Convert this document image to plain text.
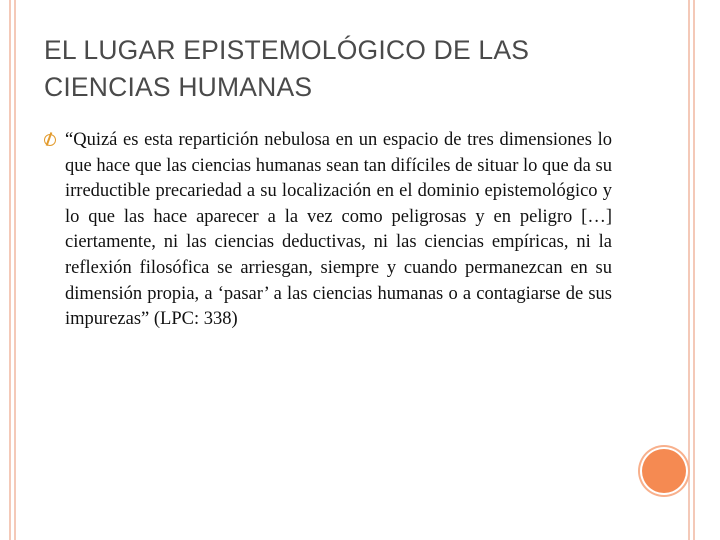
EL LUGAR EPISTEMOLÓGICO DE LAS CIENCIAS HUMANAS

“Quizá es esta repartición nebulosa en un espacio de tres dimensiones lo que hace que las ciencias humanas sean tan difíciles de situar lo que da su irreductible precariedad a su localización en el dominio epistemológico y lo que las hace aparecer a la vez como peligrosas y en peligro […] ciertamente, ni las ciencias deductivas, ni las ciencias empíricas, ni la reflexión filosófica se arriesgan, siempre y cuando permanezcan en su dimensión propia, a ‘pasar’ a las ciencias humanas o a contagiarse de sus impurezas” (LPC: 338)
